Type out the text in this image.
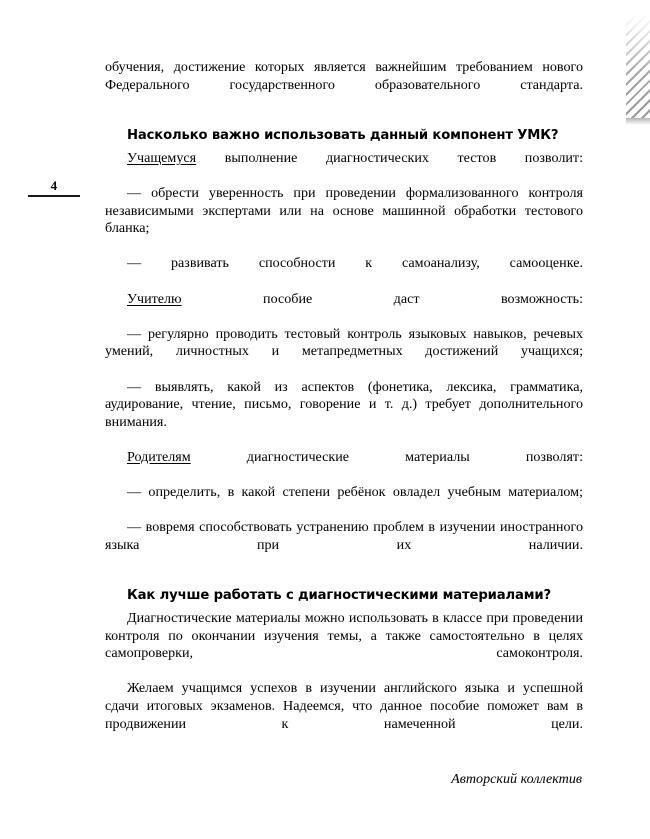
4

обучения, достижение которых является важнейшим требованием нового Федерального государственного образовательного стандарта.

Насколько важно использовать данный компонент УМК?

Учащемуся выполнение диагностических тестов позволит:

— обрести уверенность при проведении формализованного контроля независимыми экспертами или на основе машинной обработки тестового бланка;

— развивать способности к самоанализу, самооценке.

Учителю пособие даст возможность:

— регулярно проводить тестовый контроль языковых навыков, речевых умений, личностных и метапредметных достижений учащихся;

— выявлять, какой из аспектов (фонетика, лексика, грамматика, аудирование, чтение, письмо, говорение и т. д.) требует дополнительного внимания.

Родителям диагностические материалы позволят:

— определить, в какой степени ребёнок овладел учебным материалом;

— вовремя способствовать устранению проблем в изучении иностранного языка при их наличии.

Как лучше работать с диагностическими материалами?

Диагностические материалы можно использовать в классе при проведении контроля по окончании изучения темы, а также самостоятельно в целях самопроверки, самоконтроля.

Желаем учащимся успехов в изучении английского языка и успешной сдачи итоговых экзаменов. Надеемся, что данное пособие поможет вам в продвижении к намеченной цели.

Авторский коллектив
